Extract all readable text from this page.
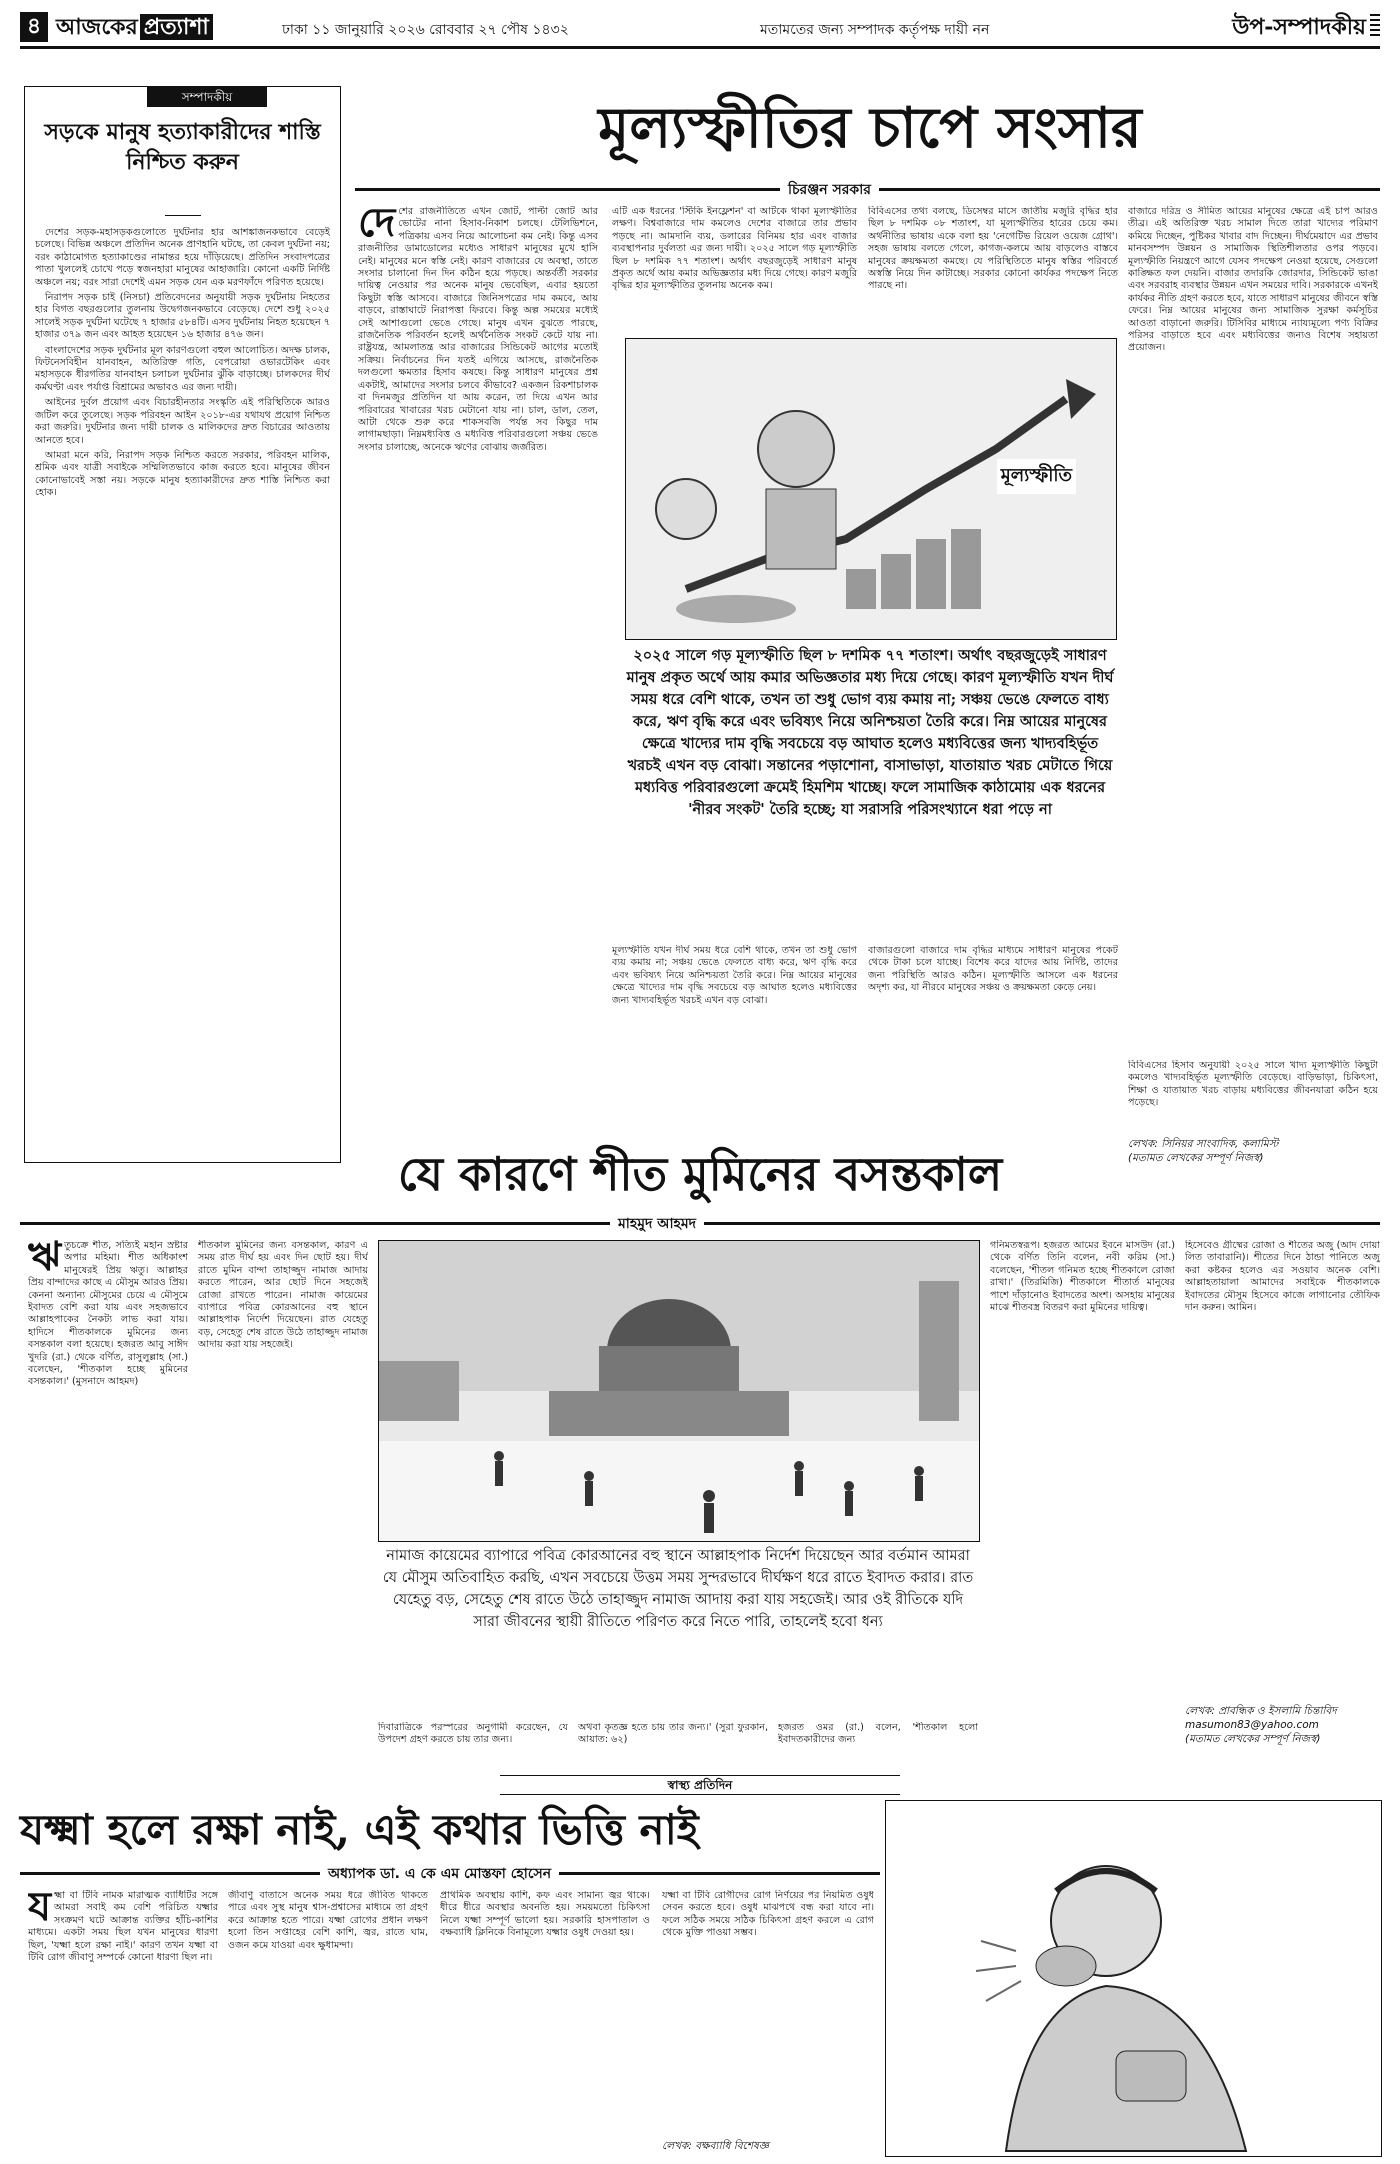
৪ আজকের প্রত্যাশা	ঢাকা ১১ জানুয়ারি ২০২৬ রোববার ২৭ পৌষ ১৪৩২	মতামতের জন্য সম্পাদক কর্তৃপক্ষ দায়ী নন	উপ-সম্পাদকীয়
সম্পাদকীয়
সড়কে মানুষ হত্যাকারীদের শাস্তি নিশ্চিত করুন

দেশের সড়ক-মহাসড়কগুলোতে দুর্ঘটনার হার আশঙ্কাজনকভাবে বেড়েই চলেছে। বিভিন্ন অঞ্চলে প্রতিদিন অনেক প্রাণহানি ঘটছে, তা কেবল দুর্ঘটনা নয়; বরং কাঠামোগত হত্যাকাণ্ডের নামান্তর হয়ে দাঁড়িয়েছে। প্রতিদিন সংবাদপত্রের পাতা খুললেই চোখে পড়ে স্বজনহারা মানুষের আহাজারি। কোনো একটি নির্দিষ্ট অঞ্চলে নয়; বরং সারা দেশেই এমন সড়ক যেন এক মরণফাঁদে পরিণত হয়েছে।

নিরাপদ সড়ক চাই (নিসচা) প্রতিবেদনের অনুযায়ী সড়ক দুর্ঘটনায় নিহতের হার বিগত বছরগুলোর তুলনায় উদ্বেগজনকভাবে বেড়েছে। দেশে শুধু ২০২৫ সালেই সড়ক দুর্ঘটনা ঘটেছে ৭ হাজার ৫৮৪টি। এসব দুর্ঘটনায় নিহত হয়েছেন ৭ হাজার ৩৭৯ জন এবং আহত হয়েছেন ১৬ হাজার ৪৭৬ জন।

বাংলাদেশের সড়ক দুর্ঘটনার মূল কারণগুলো বহুল আলোচিত। অদক্ষ চালক, ফিটনেসবিহীন যানবাহন, অতিরিক্ত গতি, বেপরোয়া ওভারটেকিং এবং মহাসড়কে ধীরগতির যানবাহন চলাচল দুর্ঘটনার ঝুঁকি বাড়াচ্ছে। চালকদের দীর্ঘ কর্মঘণ্টা এবং পর্যাপ্ত বিশ্রামের অভাবও এর জন্য দায়ী।

আইনের দুর্বল প্রয়োগ এবং বিচারহীনতার সংস্কৃতি এই পরিস্থিতিকে আরও জটিল করে তুলেছে। সড়ক পরিবহন আইন ২০১৮-এর যথাযথ প্রয়োগ নিশ্চিত করা জরুরি। দুর্ঘটনার জন্য দায়ী চালক ও মালিকদের দ্রুত বিচারের আওতায় আনতে হবে।

আমরা মনে করি, নিরাপদ সড়ক নিশ্চিত করতে সরকার, পরিবহন মালিক, শ্রমিক এবং যাত্রী সবাইকে সম্মিলিতভাবে কাজ করতে হবে। মানুষের জীবন কোনোভাবেই সস্তা নয়। সড়কে মানুষ হত্যাকারীদের দ্রুত শাস্তি নিশ্চিত করা হোক।

মূল্যস্ফীতির চাপে সংসার
চিরঞ্জন সরকার
দে শের রাজনীতিতে এখন জোট, পাল্টা জোট আর ভোটের নানা হিসাব-নিকাশ চলছে। টেলিভিশনে, পত্রিকায় এসব নিয়ে আলোচনা কম নেই। কিন্তু এসব রাজনীতির ডামাডোলের মধ্যেও সাধারণ মানুষের মুখে হাসি নেই। মানুষের মনে স্বস্তি নেই। কারণ বাজারের যে অবস্থা, তাতে সংসার চালানো দিন দিন কঠিন হয়ে পড়ছে। অন্তর্বর্তী সরকার দায়িত্ব নেওয়ার পর অনেক মানুষ ভেবেছিল, এবার হয়তো কিছুটা স্বস্তি আসবে। বাজারে জিনিসপত্রের দাম কমবে, আয় বাড়বে, রাস্তাঘাটে নিরাপত্তা ফিরবে। কিন্তু অল্প সময়ের মধ্যেই সেই আশাগুলো ভেঙে গেছে। মানুষ এখন বুঝতে পারছে, রাজনৈতিক পরিবর্তন হলেই অর্থনৈতিক সংকট কেটে যায় না। রাষ্ট্রযন্ত্র, আমলাতন্ত্র আর বাজারের সিন্ডিকেট আগের মতোই সক্রিয়। নির্বাচনের দিন যতই এগিয়ে আসছে, রাজনৈতিক দলগুলো ক্ষমতার হিসাব কষছে। কিন্তু সাধারণ মানুষের প্রশ্ন একটাই, আমাদের সংসার চলবে কীভাবে? একজন রিকশাচালক বা দিনমজুর প্রতিদিন যা আয় করেন, তা দিয়ে এখন আর পরিবারের খাবারের খরচ মেটানো যায় না। চাল, ডাল, তেল, আটা থেকে শুরু করে শাকসবজি পর্যন্ত সব কিছুর দাম লাগামছাড়া। নিম্নমধ্যবিত্ত ও মধ্যবিত্ত পরিবারগুলো সঞ্চয় ভেঙে সংসার চালাচ্ছে, অনেকে ঋণের বোঝায় জর্জরিত।
এটি এক ধরনের 'স্টিকি ইনফ্লেশন' বা আটকে থাকা মূল্যস্ফীতির লক্ষণ। বিশ্ববাজারে দাম কমলেও দেশের বাজারে তার প্রভাব পড়ছে না। আমদানি ব্যয়, ডলারের বিনিময় হার এবং বাজার ব্যবস্থাপনার দুর্বলতা এর জন্য দায়ী। ২০২৫ সালে গড় মূল্যস্ফীতি ছিল ৮ দশমিক ৭৭ শতাংশ। অর্থাৎ বছরজুড়েই সাধারণ মানুষ প্রকৃত অর্থে আয় কমার অভিজ্ঞতার মধ্য দিয়ে গেছে। কারণ মজুরি বৃদ্ধির হার মূল্যস্ফীতির তুলনায় অনেক কম।
বিবিএসের তথ্য বলছে, ডিসেম্বর মাসে জাতীয় মজুরি বৃদ্ধির হার ছিল ৮ দশমিক ০৮ শতাংশ, যা মূল্যস্ফীতির হারের চেয়ে কম। অর্থনীতির ভাষায় একে বলা হয় 'নেগেটিভ রিয়েল ওয়েজ গ্রোথ'। সহজ ভাষায় বলতে গেলে, কাগজ-কলমে আয় বাড়লেও বাস্তবে মানুষের ক্রয়ক্ষমতা কমছে। যে পরিস্থিতিতে মানুষ স্বস্তির পরিবর্তে অস্বস্তি নিয়ে দিন কাটাচ্ছে। সরকার কোনো কার্যকর পদক্ষেপ নিতে পারছে না।
বাজারে দরিদ্র ও সীমিত আয়ের মানুষের ক্ষেত্রে এই চাপ আরও তীব্র। এই অতিরিক্ত খরচ সামাল দিতে তারা খাদ্যের পরিমাণ কমিয়ে দিচ্ছেন, পুষ্টিকর খাবার বাদ দিচ্ছেন। দীর্ঘমেয়াদে এর প্রভাব মানবসম্পদ উন্নয়ন ও সামাজিক স্থিতিশীলতার ওপর পড়বে। মূল্যস্ফীতি নিয়ন্ত্রণে আগে যেসব পদক্ষেপ নেওয়া হয়েছে, সেগুলো কাঙ্ক্ষিত ফল দেয়নি। বাজার তদারকি জোরদার, সিন্ডিকেট ভাঙা এবং সরবরাহ ব্যবস্থার উন্নয়ন এখন সময়ের দাবি। সরকারকে এখনই কার্যকর নীতি গ্রহণ করতে হবে, যাতে সাধারণ মানুষের জীবনে স্বস্তি ফেরে। নিম্ন আয়ের মানুষের জন্য সামাজিক সুরক্ষা কর্মসূচির আওতা বাড়ানো জরুরি। টিসিবির মাধ্যমে ন্যায্যমূল্যে পণ্য বিক্রির পরিসর বাড়াতে হবে এবং মধ্যবিত্তের জন্যও বিশেষ সহায়তা প্রয়োজন।
মূল্যস্ফীতি
২০২৫ সালে গড় মূল্যস্ফীতি ছিল ৮ দশমিক ৭৭ শতাংশ। অর্থাৎ বছরজুড়েই সাধারণ মানুষ প্রকৃত অর্থে আয় কমার অভিজ্ঞতার মধ্য দিয়ে গেছে। কারণ মূল্যস্ফীতি যখন দীর্ঘ সময় ধরে বেশি থাকে, তখন তা শুধু ভোগ ব্যয় কমায় না; সঞ্চয় ভেঙে ফেলতে বাধ্য করে, ঋণ বৃদ্ধি করে এবং ভবিষ্যৎ নিয়ে অনিশ্চয়তা তৈরি করে। নিম্ন আয়ের মানুষের ক্ষেত্রে খাদ্যের দাম বৃদ্ধি সবচেয়ে বড় আঘাত হলেও মধ্যবিত্তের জন্য খাদ্যবহির্ভূত খরচই এখন বড় বোঝা। সন্তানের পড়াশোনা, বাসাভাড়া, যাতায়াত খরচ মেটাতে গিয়ে মধ্যবিত্ত পরিবারগুলো ক্রমেই হিমশিম খাচ্ছে। ফলে সামাজিক কাঠামোয় এক ধরনের 'নীরব সংকট' তৈরি হচ্ছে; যা সরাসরি পরিসংখ্যানে ধরা পড়ে না
মূল্যস্ফীতি যখন দীর্ঘ সময় ধরে বেশি থাকে, তখন তা শুধু ভোগ ব্যয় কমায় না; সঞ্চয় ভেঙে ফেলতে বাধ্য করে, ঋণ বৃদ্ধি করে এবং ভবিষ্যৎ নিয়ে অনিশ্চয়তা তৈরি করে। নিম্ন আয়ের মানুষের ক্ষেত্রে খাদ্যের দাম বৃদ্ধি সবচেয়ে বড় আঘাত হলেও মধ্যবিত্তের জন্য খাদ্যবহির্ভূত খরচই এখন বড় বোঝা।
বাজারগুলো বাজারে দাম বৃদ্ধির মাধ্যমে সাধারণ মানুষের পকেট থেকে টাকা চলে যাচ্ছে। বিশেষ করে যাদের আয় নির্দিষ্ট, তাদের জন্য পরিস্থিতি আরও কঠিন। মূল্যস্ফীতি আসলে এক ধরনের অদৃশ্য কর, যা নীরবে মানুষের সঞ্চয় ও ক্রয়ক্ষমতা কেড়ে নেয়।
বিবিএসের হিসাব অনুযায়ী ২০২৫ সালে খাদ্য মূল্যস্ফীতি কিছুটা কমলেও খাদ্যবহির্ভূত মূল্যস্ফীতি বেড়েছে। বাড়িভাড়া, চিকিৎসা, শিক্ষা ও যাতায়াত খরচ বাড়ায় মধ্যবিত্তের জীবনযাত্রা কঠিন হয়ে পড়েছে।
লেখক: সিনিয়র সাংবাদিক, কলামিস্ট
(মতামত লেখকের সম্পূর্ণ নিজস্ব)
যে কারণে শীত মুমিনের বসন্তকাল
মাহমুদ আহমদ
ঋ তুচক্রে শীত, সত্যিই মহান স্রষ্টার অপার মহিমা। শীত অধিকাংশ মানুষেরই প্রিয় ঋতু। আল্লাহর প্রিয় বান্দাদের কাছে এ মৌসুম আরও প্রিয়। কেননা অন্যান্য মৌসুমের চেয়ে এ মৌসুমে ইবাদত বেশি করা যায় এবং সহজভাবে আল্লাহপাকের নৈকট্য লাভ করা যায়। হাদিসে শীতকালকে মুমিনের জন্য বসন্তকাল বলা হয়েছে। হজরত আবু সাঈদ খুদরি (রা.) থেকে বর্ণিত, রাসুলুল্লাহ (সা.) বলেছেন, 'শীতকাল হচ্ছে মুমিনের বসন্তকাল।' (মুসনাদে আহমদ)
শীতকাল মুমিনের জন্য বসন্তকাল, কারণ এ সময় রাত দীর্ঘ হয় এবং দিন ছোট হয়। দীর্ঘ রাতে মুমিন বান্দা তাহাজ্জুদ নামাজ আদায় করতে পারেন, আর ছোট দিনে সহজেই রোজা রাখতে পারেন। নামাজ কায়েমের ব্যাপারে পবিত্র কোরআনের বহু স্থানে আল্লাহপাক নির্দেশ দিয়েছেন। রাত যেহেতু বড়, সেহেতু শেষ রাতে উঠে তাহাজ্জুদ নামাজ আদায় করা যায় সহজেই।
গনিমতস্বরূপ। হজরত আমের ইবনে মাসউদ (রা.) থেকে বর্ণিত তিনি বলেন, নবী করিম (সা.) বলেছেন, 'শীতল গনিমত হচ্ছে শীতকালে রোজা রাখা।' (তিরমিজি) শীতকালে শীতার্ত মানুষের পাশে দাঁড়ানোও ইবাদতের অংশ। অসহায় মানুষের মাঝে শীতবস্ত্র বিতরণ করা মুমিনের দায়িত্ব।
হিসেবেও গ্রীষ্মের রোজা ও শীতের অজু (আদ দোয়া লিত তাবারানি)। শীতের দিনে ঠান্ডা পানিতে অজু করা কষ্টকর হলেও এর সওয়াব অনেক বেশি। আল্লাহতায়ালা আমাদের সবাইকে শীতকালকে ইবাদতের মৌসুম হিসেবে কাজে লাগানোর তৌফিক দান করুন। আমিন।
নামাজ কায়েমের ব্যাপারে পবিত্র কোরআনের বহু স্থানে আল্লাহপাক নির্দেশ দিয়েছেন আর বর্তমান আমরা যে মৌসুম অতিবাহিত করছি, এখন সবচেয়ে উত্তম সময় সুন্দরভাবে দীর্ঘক্ষণ ধরে রাতে ইবাদত করার। রাত যেহেতু বড়, সেহেতু শেষ রাতে উঠে তাহাজ্জুদ নামাজ আদায় করা যায় সহজেই। আর ওই রীতিকে যদি সারা জীবনের স্থায়ী রীতিতে পরিণত করে নিতে পারি, তাহলেই হবো ধন্য
দিবারাত্রিকে পরস্পরের অনুগামী করেছেন, যে উপদেশ গ্রহণ করতে চায় তার জন্য।
অথবা কৃতজ্ঞ হতে চায় তার জন্য।' (সুরা ফুরকান, আয়াত: ৬২)
হজরত ওমর (রা.) বলেন, 'শীতকাল হলো ইবাদতকারীদের জন্য
লেখক: প্রাবন্ধিক ও ইসলামি চিন্তাবিদ
masumon83@yahoo.com
(মতামত লেখকের সম্পূর্ণ নিজস্ব)
স্বাস্থ্য প্রতিদিন
যক্ষ্মা হলে রক্ষা নাই, এই কথার ভিত্তি নাই
অধ্যাপক ডা. এ কে এম মোস্তফা হোসেন
য ক্ষ্মা বা টিবি নামক মারাত্মক ব্যাধিটির সঙ্গে আমরা সবাই কম বেশি পরিচিত যক্ষ্মার সংক্রমণ ঘটে আক্রান্ত ব্যক্তির হাঁচি-কাশির মাধ্যমে। একটা সময় ছিল যখন মানুষের ধারণা ছিল, 'যক্ষ্মা হলে রক্ষা নাই।' কারণ তখন যক্ষ্মা বা টিবি রোগ জীবাণু সম্পর্কে কোনো ধারণা ছিল না।
জীবাণু বাতাসে অনেক সময় ধরে জীবিত থাকতে পারে এবং সুস্থ মানুষ শ্বাস-প্রশ্বাসের মাধ্যমে তা গ্রহণ করে আক্রান্ত হতে পারে। যক্ষ্মা রোগের প্রধান লক্ষণ হলো তিন সপ্তাহের বেশি কাশি, জ্বর, রাতে ঘাম, ওজন কমে যাওয়া এবং ক্ষুধামন্দা।
প্রাথমিক অবস্থায় কাশি, কফ এবং সামান্য জ্বর থাকে। ধীরে ধীরে অবস্থার অবনতি হয়। সময়মতো চিকিৎসা নিলে যক্ষ্মা সম্পূর্ণ ভালো হয়। সরকারি হাসপাতাল ও বক্ষব্যাধি ক্লিনিকে বিনামূল্যে যক্ষ্মার ওষুধ দেওয়া হয়।
যক্ষ্মা বা টিবি রোগীদের রোগ নির্ণয়ের পর নিয়মিত ওষুধ সেবন করতে হবে। ওষুধ মাঝপথে বন্ধ করা যাবে না। ফলে সঠিক সময়ে সঠিক চিকিৎসা গ্রহণ করলে এ রোগ থেকে মুক্তি পাওয়া সম্ভব।
লেখক: বক্ষব্যাধি বিশেষজ্ঞ
